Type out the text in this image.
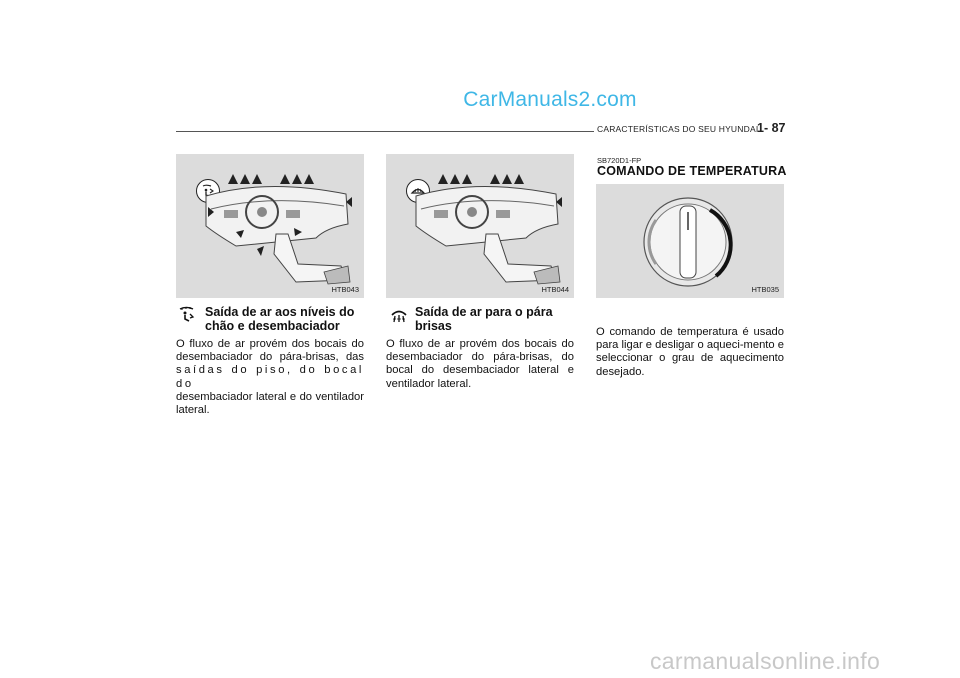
CarManuals2.com
carmanualsonline.info
CARACTERÍSTICAS DO SEU HYUNDAI
1- 87
HTB043	HTB044	HTB035
Saída de ar aos níveis do
chão e desembaciador
O fluxo de ar provém dos bocais do
desembaciador do pára-brisas, das
saídas do piso, do bocal do
desembaciador lateral e do ventilador
lateral.
Saída de ar para o pára
brisas
O fluxo de ar provém dos bocais do
desembaciador do pára-brisas, do
bocal do desembaciador lateral e
ventilador lateral.
SB720D1-FP
COMANDO DE TEMPERATURA
O comando de temperatura é usado
para ligar e desligar o aqueci-mento e
seleccionar o grau de aquecimento
desejado.
